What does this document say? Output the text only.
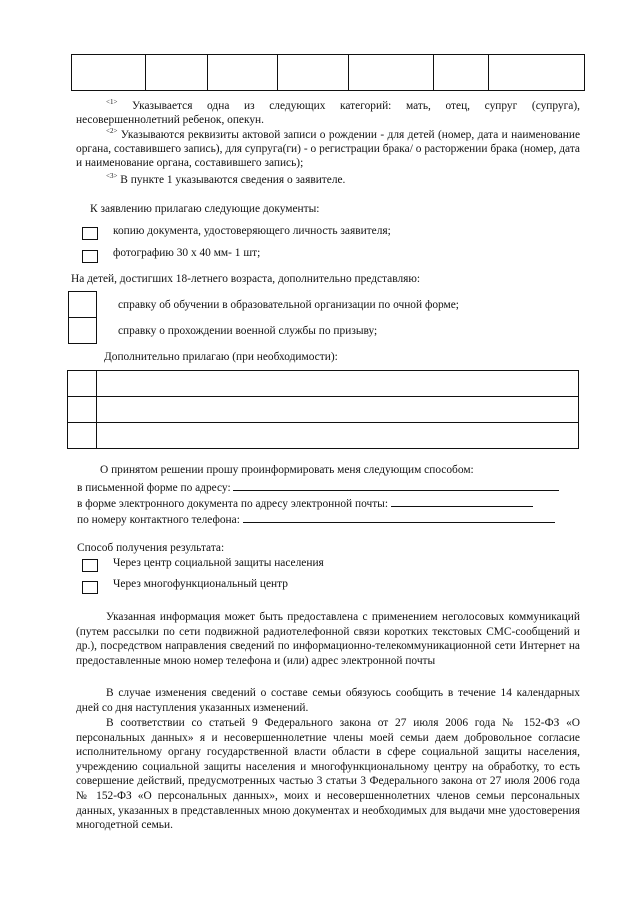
$^{<1>}$ Указывается одна из следующих категорий: мать, отец, супруг (супруга), несовершеннолетний ребенок, опекун.
$^{<2>}$ Указываются реквизиты актовой записи о рождении - для детей (номер, дата и наименование органа, составившего запись), для супруга(ги) - о регистрации брака/ о расторжении брака (номер, дата и наименование органа, составившего запись);
$^{<3>}$ В пункте 1 указываются сведения о заявителе.
К заявлению прилагаю следующие документы:
копию документа, удостоверяющего личность заявителя;
фотографию 30 х 40 мм- 1 шт;
На детей, достигших 18-летнего возраста, дополнительно представляю:
справку об обучении в образовательной организации по очной форме;
справку о прохождении военной службы по призыву;
Дополнительно прилагаю (при необходимости):

О принятом решении прошу проинформировать меня следующим способом:
в письменной форме по адресу:
в форме электронного документа по адресу электронной почты:
по номеру контактного телефона:
Способ получения результата:
Через центр социальной защиты населения
Через многофункциональный центр
Указанная информация может быть предоставлена с применением неголосовых коммуникаций (путем рассылки по сети подвижной радиотелефонной связи коротких текстовых СМС-сообщений и др.), посредством направления сведений по информационно-телекоммуникационной сети Интернет на предоставленные мною номер телефона и (или) адрес электронной почты
В случае изменения сведений о составе семьи обязуюсь сообщить в течение 14 календарных дней со дня наступления указанных изменений.
В соответствии со статьей 9 Федерального закона от 27 июля 2006 года № 152-ФЗ «О персональных данных» я и несовершеннолетние члены моей семьи даем добровольное согласие исполнительному органу государственной власти области в сфере социальной защиты населения, учреждению социальной защиты населения и многофункциональному центру на обработку, то есть совершение действий, предусмотренных частью 3 статьи 3 Федерального закона от 27 июля 2006 года № 152-ФЗ «О персональных данных», моих и несовершеннолетних членов семьи персональных данных, указанных в представленных мною документах и необходимых для выдачи мне удостоверения многодетной семьи.
